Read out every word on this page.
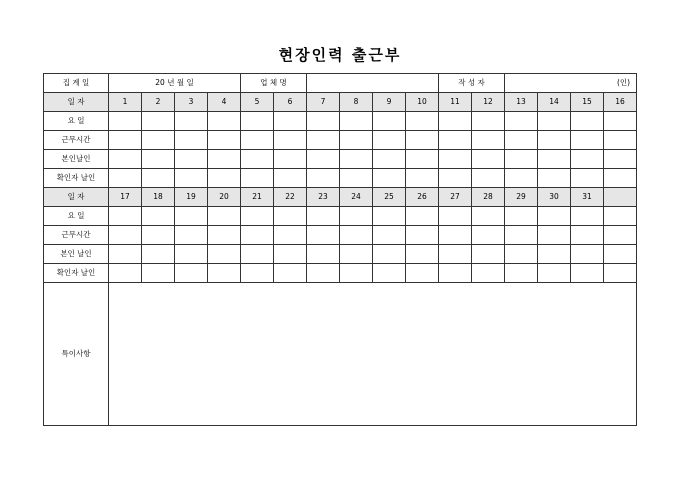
현장인력 출근부
집 계 일	20 년 월 일				업 체 명						작 성 자		(인)			
일 자	1	2	3	4	5	6	7	8	9	10	11	12	13	14	15	16
요 일																
근무시간																
본인날인																
확인자 날인																
일 자	17	18	19	20	21	22	23	24	25	26	27	28	29	30	31	
요 일																
근무시간																
본인 날인																
확인자 날인																
특이사항																
